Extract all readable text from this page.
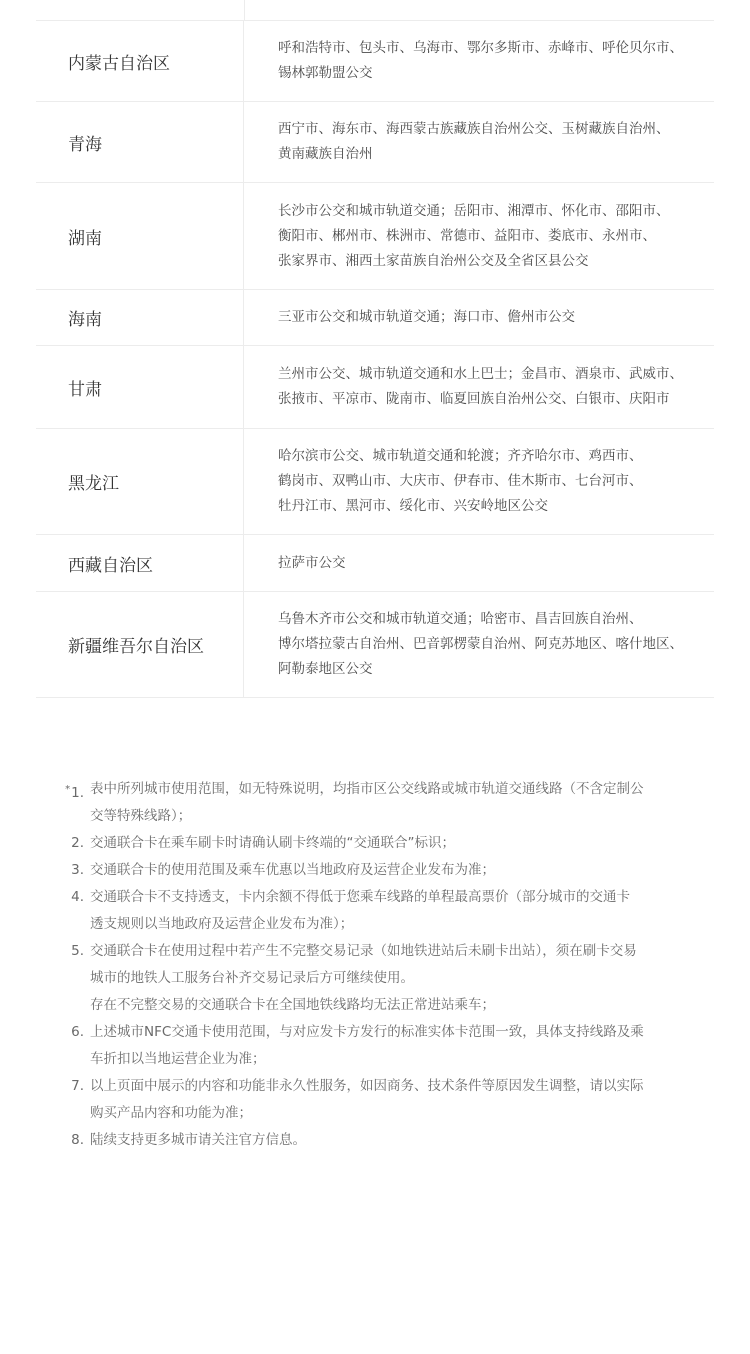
内蒙古自治区
呼和浩特市、包头市、乌海市、鄂尔多斯市、赤峰市、呼伦贝尔市、
锡林郭勒盟公交
青海
西宁市、海东市、海西蒙古族藏族自治州公交、玉树藏族自治州、
黄南藏族自治州
湖南
长沙市公交和城市轨道交通；岳阳市、湘潭市、怀化市、邵阳市、
衡阳市、郴州市、株洲市、常德市、益阳市、娄底市、永州市、
张家界市、湘西土家苗族自治州公交及全省区县公交
海南	三亚市公交和城市轨道交通；海口市、儋州市公交
甘肃
兰州市公交、城市轨道交通和水上巴士；金昌市、酒泉市、武威市、
张掖市、平凉市、陇南市、临夏回族自治州公交、白银市、庆阳市
黑龙江
哈尔滨市公交、城市轨道交通和轮渡；齐齐哈尔市、鸡西市、
鹤岗市、双鸭山市、大庆市、伊春市、佳木斯市、七台河市、
牡丹江市、黑河市、绥化市、兴安岭地区公交
西藏自治区	拉萨市公交
新疆维吾尔自治区
乌鲁木齐市公交和城市轨道交通；哈密市、昌吉回族自治州、
博尔塔拉蒙古自治州、巴音郭楞蒙自治州、阿克苏地区、喀什地区、
阿勒泰地区公交
*1. 表中所列城市使用范围，如无特殊说明，均指市区公交线路或城市轨道交通线路（不含定制公
交等特殊线路）；
2. 交通联合卡在乘车刷卡时请确认刷卡终端的“交通联合”标识；
3. 交通联合卡的使用范围及乘车优惠以当地政府及运营企业发布为准；
4. 交通联合卡不支持透支，卡内余额不得低于您乘车线路的单程最高票价（部分城市的交通卡
透支规则以当地政府及运营企业发布为准）；
5. 交通联合卡在使用过程中若产生不完整交易记录（如地铁进站后未刷卡出站），须在刷卡交易
城市的地铁人工服务台补齐交易记录后方可继续使用。
存在不完整交易的交通联合卡在全国地铁线路均无法正常进站乘车；
6. 上述城市NFC交通卡使用范围，与对应发卡方发行的标准实体卡范围一致，具体支持线路及乘
车折扣以当地运营企业为准；
7. 以上页面中展示的内容和功能非永久性服务，如因商务、技术条件等原因发生调整，请以实际
购买产品内容和功能为准；
8. 陆续支持更多城市请关注官方信息。
